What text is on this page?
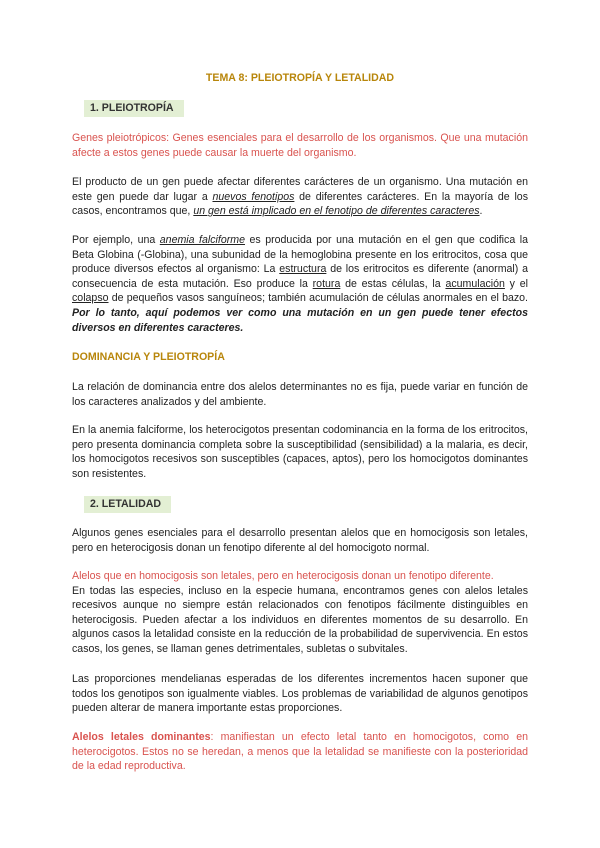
TEMA 8: PLEIOTROPÍA Y LETALIDAD
1. PLEIOTROPÍA

Genes pleiotrópicos: Genes esenciales para el desarrollo de los organismos. Que una mutación afecte a estos genes puede causar la muerte del organismo.

El producto de un gen puede afectar diferentes carácteres de un organismo. Una mutación en este gen puede dar lugar a nuevos fenotipos de diferentes carácteres. En la mayoría de los casos, encontramos que, un gen está implicado en el fenotipo de diferentes caracteres.

Por ejemplo, una anemia falciforme es producida por una mutación en el gen que codifica la Beta Globina (-Globina), una subunidad de la hemoglobina presente en los eritrocitos, cosa que produce diversos efectos al organismo: La estructura de los eritrocitos es diferente (anormal) a consecuencia de esta mutación. Eso produce la rotura de estas células, la acumulación y el colapso de pequeños vasos sanguíneos; también acumulación de células anormales en el bazo. Por lo tanto, aquí podemos ver como una mutación en un gen puede tener efectos diversos en diferentes caracteres.

DOMINANCIA Y PLEIOTROPÍA

La relación de dominancia entre dos alelos determinantes no es fija, puede variar en función de los caracteres analizados y del ambiente.

En la anemia falciforme, los heterocigotos presentan codominancia en la forma de los eritrocitos, pero presenta dominancia completa sobre la susceptibilidad (sensibilidad) a la malaria, es decir, los homocigotos recesivos son susceptibles (capaces, aptos), pero los homocigotos dominantes son resistentes.

2. LETALIDAD

Algunos genes esenciales para el desarrollo presentan alelos que en homocigosis son letales, pero en heterocigosis donan un fenotipo diferente al del homocigoto normal.

Alelos que en homocigosis son letales, pero en heterocigosis donan un fenotipo diferente.
En todas las especies, incluso en la especie humana, encontramos genes con alelos letales recesivos aunque no siempre están relacionados con fenotipos fácilmente distinguibles en heterocigosis. Pueden afectar a los individuos en diferentes momentos de su desarrollo. En algunos casos la letalidad consiste en la reducción de la probabilidad de supervivencia. En estos casos, los genes, se llaman genes detrimentales, subletas o subvitales.

Las proporciones mendelianas esperadas de los diferentes incrementos hacen suponer que todos los genotipos son igualmente viables. Los problemas de variabilidad de algunos genotipos pueden alterar de manera importante estas proporciones.

Alelos letales dominantes: manifiestan un efecto letal tanto en homocigotos, como en heterocigotos. Estos no se heredan, a menos que la letalidad se manifieste con la posterioridad de la edad reproductiva.
